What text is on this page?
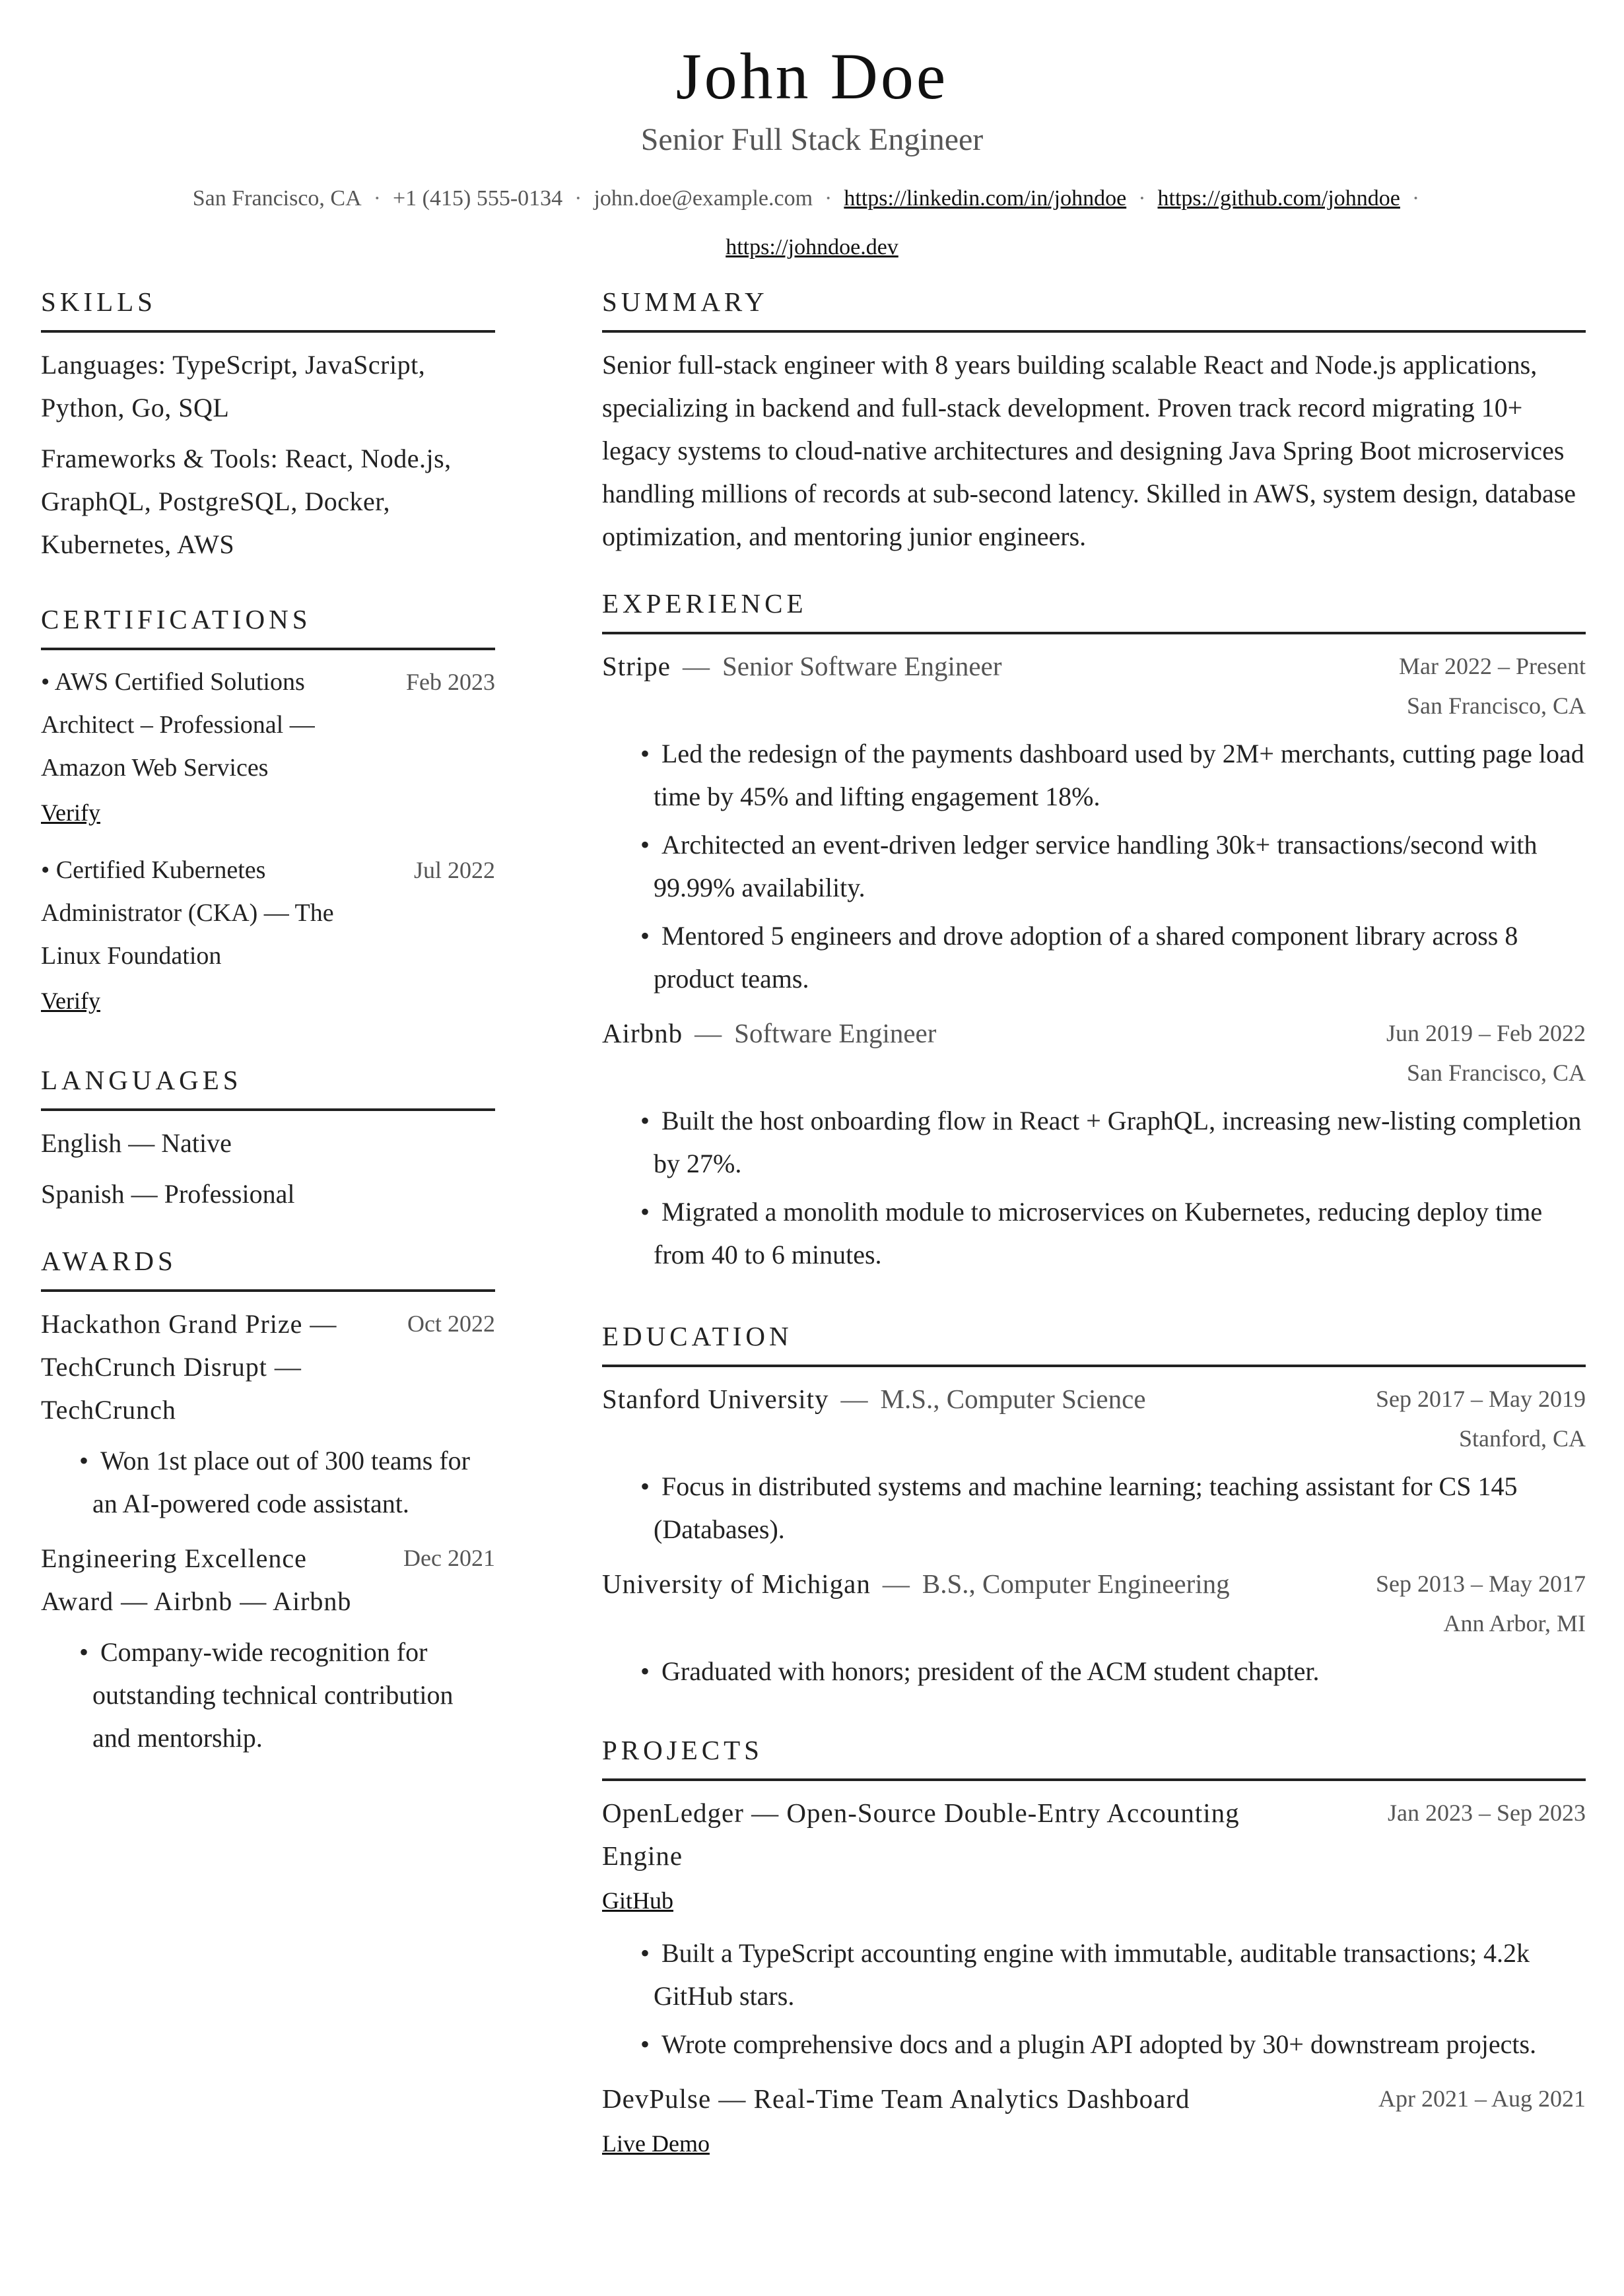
John Doe
Senior Full Stack Engineer
San Francisco, CA · +1 (415) 555-0134 · john.doe@example.com · https://linkedin.com/in/johndoe · https://github.com/johndoe ·
https://johndoe.dev
SKILLS
Languages: TypeScript, JavaScript, Python, Go, SQL
Frameworks & Tools: React, Node.js, GraphQL, PostgreSQL, Docker, Kubernetes, AWS
CERTIFICATIONS
• AWS Certified Solutions Architect – Professional — Amazon Web Services
Feb 2023
Verify
• Certified Kubernetes Administrator (CKA) — The Linux Foundation
Jul 2022
Verify
LANGUAGES
English — Native
Spanish — Professional
AWARDS
Hackathon Grand Prize — TechCrunch Disrupt — TechCrunch
Oct 2022
• Won 1st place out of 300 teams for an AI-powered code assistant.
Engineering Excellence Award — Airbnb — Airbnb
Dec 2021
• Company-wide recognition for outstanding technical contribution and mentorship.
SUMMARY
Senior full-stack engineer with 8 years building scalable React and Node.js applications, specializing in backend and full-stack development. Proven track record migrating 10+ legacy systems to cloud-native architectures and designing Java Spring Boot microservices handling millions of records at sub-second latency. Skilled in AWS, system design, database optimization, and mentoring junior engineers.
EXPERIENCE
Stripe — Senior Software Engineer	Mar 2022 – Present
San Francisco, CA
• Led the redesign of the payments dashboard used by 2M+ merchants, cutting page load time by 45% and lifting engagement 18%.
• Architected an event-driven ledger service handling 30k+ transactions/second with 99.99% availability.
• Mentored 5 engineers and drove adoption of a shared component library across 8 product teams.
Airbnb — Software Engineer	Jun 2019 – Feb 2022
San Francisco, CA
• Built the host onboarding flow in React + GraphQL, increasing new-listing completion by 27%.
• Migrated a monolith module to microservices on Kubernetes, reducing deploy time from 40 to 6 minutes.
EDUCATION
Stanford University — M.S., Computer Science	Sep 2017 – May 2019
Stanford, CA
• Focus in distributed systems and machine learning; teaching assistant for CS 145 (Databases).
University of Michigan — B.S., Computer Engineering	Sep 2013 – May 2017
Ann Arbor, MI
• Graduated with honors; president of the ACM student chapter.
PROJECTS
OpenLedger — Open-Source Double-Entry Accounting Engine
Jan 2023 – Sep 2023
GitHub
• Built a TypeScript accounting engine with immutable, auditable transactions; 4.2k GitHub stars.
• Wrote comprehensive docs and a plugin API adopted by 30+ downstream projects.
DevPulse — Real-Time Team Analytics Dashboard	Apr 2021 – Aug 2021
Live Demo
